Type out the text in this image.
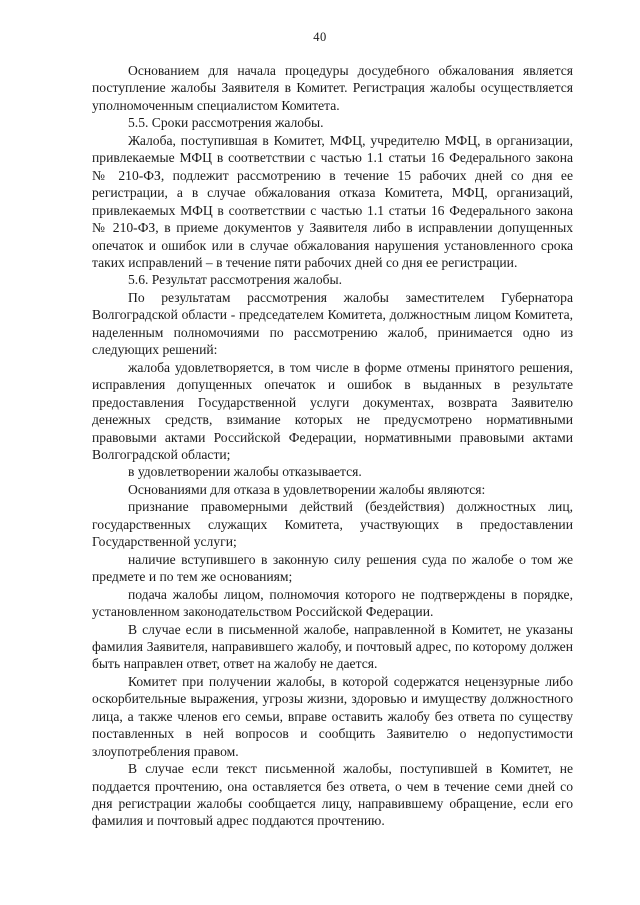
40

Основанием для начала процедуры досудебного обжалования является поступление жалобы Заявителя в Комитет. Регистрация жалобы осуществляется уполномоченным специалистом Комитета.

5.5. Сроки рассмотрения жалобы.

Жалоба, поступившая в Комитет, МФЦ, учредителю МФЦ, в организации, привлекаемые МФЦ в соответствии с частью 1.1 статьи 16 Федерального закона № 210-ФЗ, подлежит рассмотрению в течение 15 рабочих дней со дня ее регистрации, а в случае обжалования отказа Комитета, МФЦ, организаций, привлекаемых МФЦ в соответствии с частью 1.1 статьи 16 Федерального закона № 210-ФЗ, в приеме документов у Заявителя либо в исправлении допущенных опечаток и ошибок или в случае обжалования нарушения установленного срока таких исправлений – в течение пяти рабочих дней со дня ее регистрации.

5.6. Результат рассмотрения жалобы.

По результатам рассмотрения жалобы заместителем Губернатора Волгоградской области - председателем Комитета, должностным лицом Комитета, наделенным полномочиями по рассмотрению жалоб, принимается одно из следующих решений:

жалоба удовлетворяется, в том числе в форме отмены принятого решения, исправления допущенных опечаток и ошибок в выданных в результате предоставления Государственной услуги документах, возврата Заявителю денежных средств, взимание которых не предусмотрено нормативными правовыми актами Российской Федерации, нормативными правовыми актами Волгоградской области;

в удовлетворении жалобы отказывается.

Основаниями для отказа в удовлетворении жалобы являются:

признание правомерными действий (бездействия) должностных лиц, государственных служащих Комитета, участвующих в предоставлении Государственной услуги;

наличие вступившего в законную силу решения суда по жалобе о том же предмете и по тем же основаниям;

подача жалобы лицом, полномочия которого не подтверждены в порядке, установленном законодательством Российской Федерации.

В случае если в письменной жалобе, направленной в Комитет, не указаны фамилия Заявителя, направившего жалобу, и почтовый адрес, по которому должен быть направлен ответ, ответ на жалобу не дается.

Комитет при получении жалобы, в которой содержатся нецензурные либо оскорбительные выражения, угрозы жизни, здоровью и имуществу должностного лица, а также членов его семьи, вправе оставить жалобу без ответа по существу поставленных в ней вопросов и сообщить Заявителю о недопустимости злоупотребления правом.

В случае если текст письменной жалобы, поступившей в Комитет, не поддается прочтению, она оставляется без ответа, о чем в течение семи дней со дня регистрации жалобы сообщается лицу, направившему обращение, если его фамилия и почтовый адрес поддаются прочтению.
